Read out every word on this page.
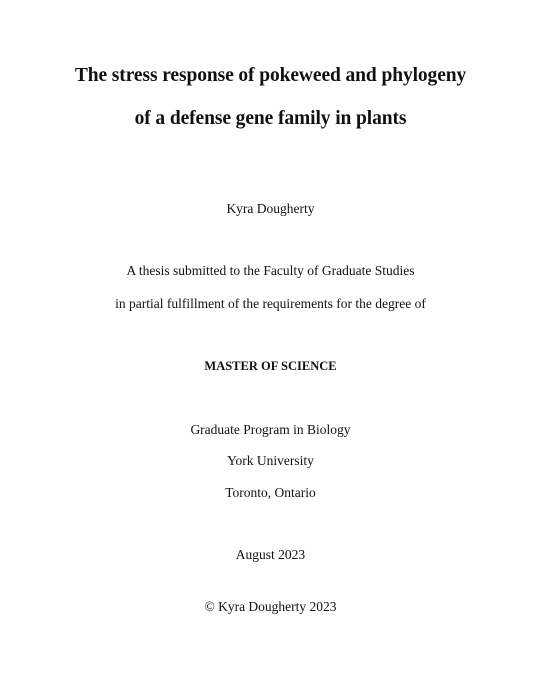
The stress response of pokeweed and phylogeny
of a defense gene family in plants
Kyra Dougherty
A thesis submitted to the Faculty of Graduate Studies
in partial fulfillment of the requirements for the degree of
MASTER OF SCIENCE
Graduate Program in Biology
York University
Toronto, Ontario
August 2023
© Kyra Dougherty 2023
